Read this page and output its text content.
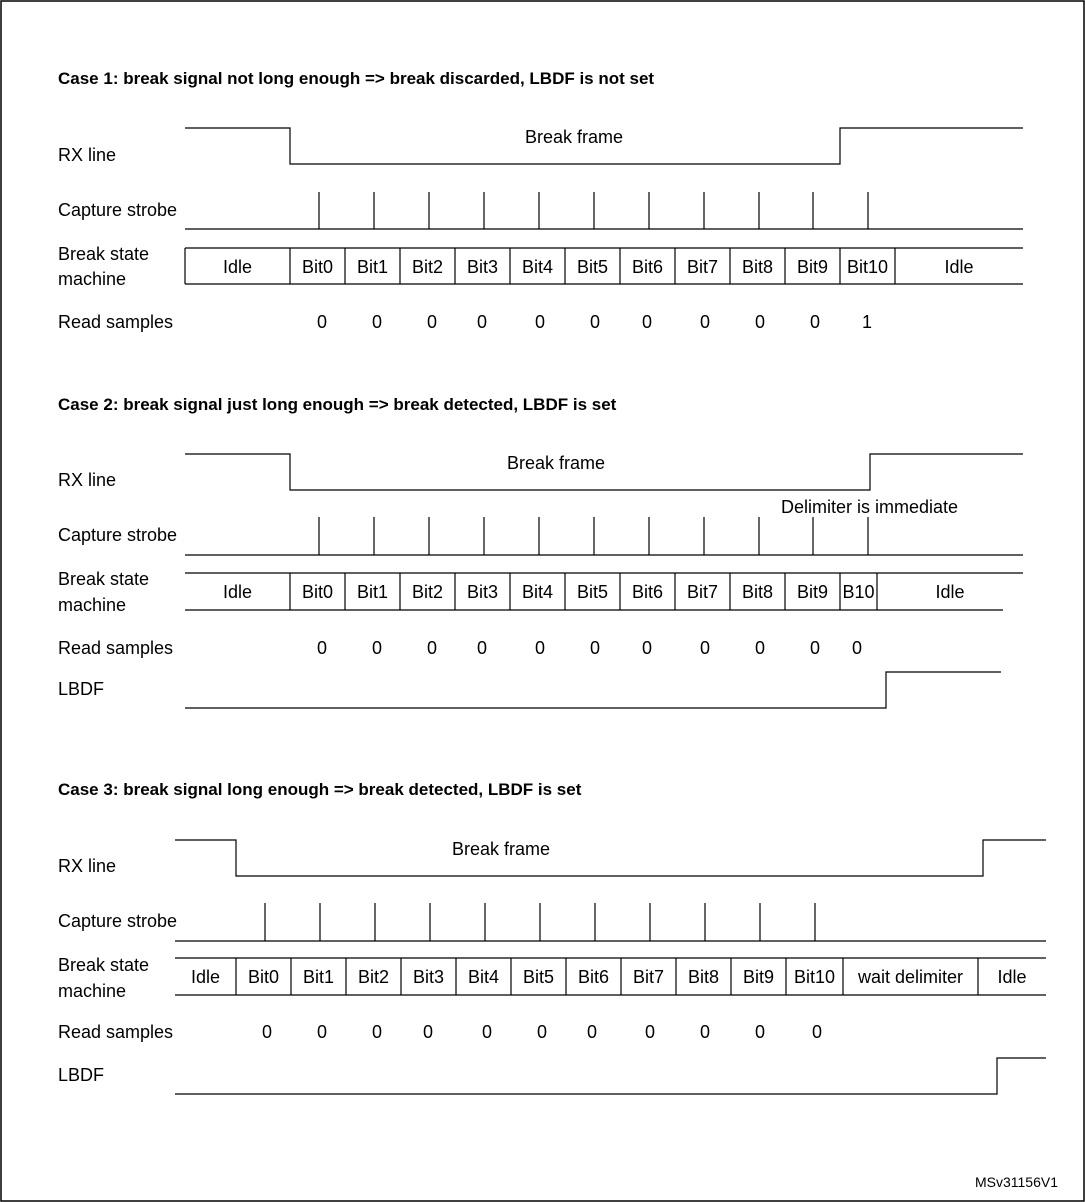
Case 1: break signal not long enough => break discarded, LBDF is not set
RX line
Break frame
Capture strobe
Break state
machine
Idle	Bit0 Bit1 Bit2 Bit3 Bit4 Bit5 Bit6 Bit7 Bit8 Bit9 Bit10	Idle
Read samples	0 0 0 0	0 0 0	0 0 0 1
Case 2: break signal just long enough => break detected, LBDF is set
RX line
Break frame
Delimiter is immediate
Capture strobe
Break state
machine
Idle	Bit0 Bit1 Bit2 Bit3 Bit4 Bit5 Bit6 Bit7 Bit8 Bit9 B10	Idle
Read samples	0 0 0 0	0 0 0	0 0 0 0
LBDF
Case 3: break signal long enough => break detected, LBDF is set
RX line
Break frame
Capture strobe
Break state
machine
Idle Bit0 Bit1 Bit2 Bit3 Bit4 Bit5 Bit6 Bit7 Bit8 Bit9 Bit10 wait delimiter Idle
Read samples	0 0 0 0	0 0 0	0 0 0	0
LBDF
MSv31156V1
